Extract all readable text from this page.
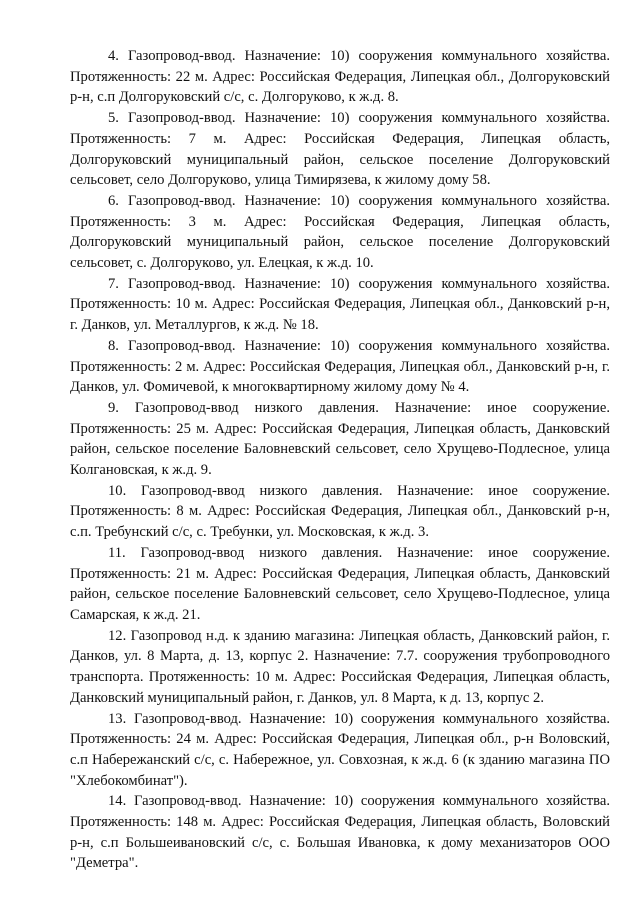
4. Газопровод-ввод. Назначение: 10) сооружения коммунального хозяйства. Протяженность: 22 м. Адрес: Российская Федерация, Липецкая обл., Долгоруковский р-н, с.п Долгоруковский с/с, с. Долгоруково, к ж.д. 8.

5. Газопровод-ввод. Назначение: 10) сооружения коммунального хозяйства. Протяженность: 7 м. Адрес: Российская Федерация, Липецкая область, Долгоруковский муниципальный район, сельское поселение Долгоруковский сельсовет, село Долгоруково, улица Тимирязева, к жилому дому 58.

6. Газопровод-ввод. Назначение: 10) сооружения коммунального хозяйства. Протяженность: 3 м. Адрес: Российская Федерация, Липецкая область, Долгоруковский муниципальный район, сельское поселение Долгоруковский сельсовет, с. Долгоруково, ул. Елецкая, к ж.д. 10.

7. Газопровод-ввод. Назначение: 10) сооружения коммунального хозяйства. Протяженность: 10 м. Адрес: Российская Федерация, Липецкая обл., Данковский р-н, г. Данков, ул. Металлургов, к ж.д. № 18.

8. Газопровод-ввод. Назначение: 10) сооружения коммунального хозяйства. Протяженность: 2 м. Адрес: Российская Федерация, Липецкая обл., Данковский р-н, г. Данков, ул. Фомичевой, к многоквартирному жилому дому № 4.

9. Газопровод-ввод низкого давления. Назначение: иное сооружение. Протяженность: 25 м. Адрес: Российская Федерация, Липецкая область, Данковский район, сельское поселение Баловневский сельсовет, село Хрущево-Подлесное, улица Колгановская, к ж.д. 9.

10. Газопровод-ввод низкого давления. Назначение: иное сооружение. Протяженность: 8 м. Адрес: Российская Федерация, Липецкая обл., Данковский р-н, с.п. Требунский с/с, с. Требунки, ул. Московская, к ж.д. 3.

11. Газопровод-ввод низкого давления. Назначение: иное сооружение. Протяженность: 21 м. Адрес: Российская Федерация, Липецкая область, Данковский район, сельское поселение Баловневский сельсовет, село Хрущево-Подлесное, улица Самарская, к ж.д. 21.

12. Газопровод н.д. к зданию магазина: Липецкая область, Данковский район, г. Данков, ул. 8 Марта, д. 13, корпус 2. Назначение: 7.7. сооружения трубопроводного транспорта. Протяженность: 10 м. Адрес: Российская Федерация, Липецкая область, Данковский муниципальный район, г. Данков, ул. 8 Марта, к д. 13, корпус 2.

13. Газопровод-ввод. Назначение: 10) сооружения коммунального хозяйства. Протяженность: 24 м. Адрес: Российская Федерация, Липецкая обл., р-н Воловский, с.п Набережанский с/с, с. Набережное, ул. Совхозная, к ж.д. 6 (к зданию магазина ПО "Хлебокомбинат").

14. Газопровод-ввод. Назначение: 10) сооружения коммунального хозяйства. Протяженность: 148 м. Адрес: Российская Федерация, Липецкая область, Воловский р-н, с.п Большеивановский с/с, с. Большая Ивановка, к дому механизаторов ООО "Деметра".
